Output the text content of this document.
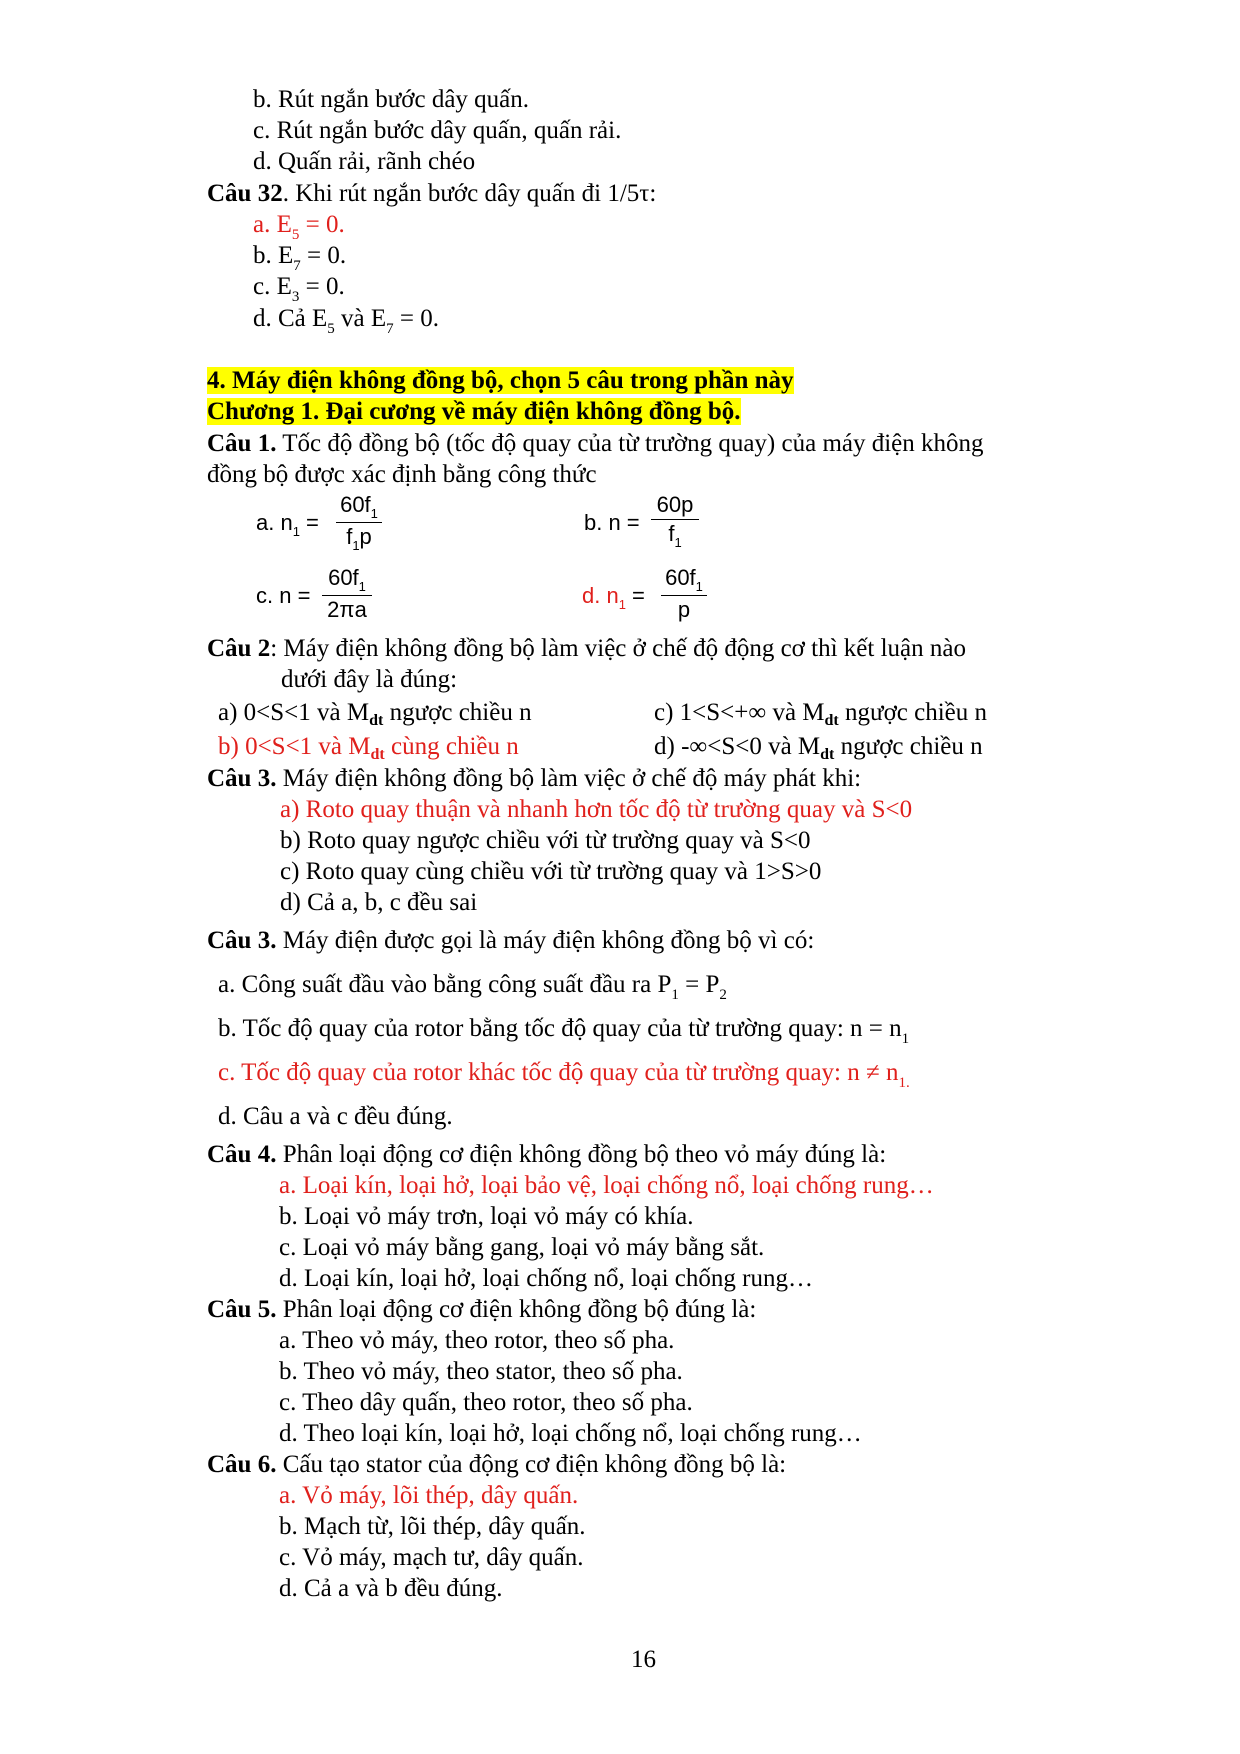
b. Rút ngắn bước dây quấn.
c. Rút ngắn bước dây quấn, quấn rải.
d. Quấn rải, rãnh chéo
Câu 32. Khi rút ngắn bước dây quấn đi 1/5τ:
a. $E_5 = 0$.
b. $E_7 = 0$.
c. $E_3 = 0$.
d. Cả $E_5$ và $E_7 = 0$.
4. Máy điện không đồng bộ, chọn 5 câu trong phần này
Chương 1. Đại cương về máy điện không đồng bộ.
Câu 1. Tốc độ đồng bộ (tốc độ quay của từ trường quay) của máy điện không
đồng bộ được xác định bằng công thức
a. $n_1$ =
$60f_1$
$f_1p$
b. n =
60p
$f_1$
c. n =
$60f_1$
2πa
d. $n_1$ =
$60f_1$
p
Câu 2: Máy điện không đồng bộ làm việc ở chế độ động cơ thì kết luận nào
dưới đây là đúng:
a) 0<S<1 và $M_{dt}$ ngược chiều n	c) 1<S<+∞ và $M_{dt}$ ngược chiều n
b) 0<S<1 và $M_{dt}$ cùng chiều n	d) -∞<S<0 và $M_{dt}$ ngược chiều n
Câu 3. Máy điện không đồng bộ làm việc ở chế độ máy phát khi:
a) Roto quay thuận và nhanh hơn tốc độ từ trường quay và S<0
b) Roto quay ngược chiều với từ trường quay và S<0
c) Roto quay cùng chiều với từ trường quay và 1>S>0
d) Cả a, b, c đều sai
Câu 3. Máy điện được gọi là máy điện không đồng bộ vì có:
a. Công suất đầu vào bằng công suất đầu ra $P_1 = P_2$
b. Tốc độ quay của rotor bằng tốc độ quay của từ trường quay: $n = n_1$
c. Tốc độ quay của rotor khác tốc độ quay của từ trường quay: $n \ne n_{1.}$
d. Câu a và c đều đúng.
Câu 4. Phân loại động cơ điện không đồng bộ theo vỏ máy đúng là:
a. Loại kín, loại hở, loại bảo vệ, loại chống nổ, loại chống rung…
b. Loại vỏ máy trơn, loại vỏ máy có khía.
c. Loại vỏ máy bằng gang, loại vỏ máy bằng sắt.
d. Loại kín, loại hở, loại chống nổ, loại chống rung…
Câu 5. Phân loại động cơ điện không đồng bộ đúng là:
a. Theo vỏ máy, theo rotor, theo số pha.
b. Theo vỏ máy, theo stator, theo số pha.
c. Theo dây quấn, theo rotor, theo số pha.
d. Theo loại kín, loại hở, loại chống nổ, loại chống rung…
Câu 6. Cấu tạo stator của động cơ điện không đồng bộ là:
a. Vỏ máy, lõi thép, dây quấn.
b. Mạch từ, lõi thép, dây quấn.
c. Vỏ máy, mạch tư, dây quấn.
d. Cả a và b đều đúng.
16
